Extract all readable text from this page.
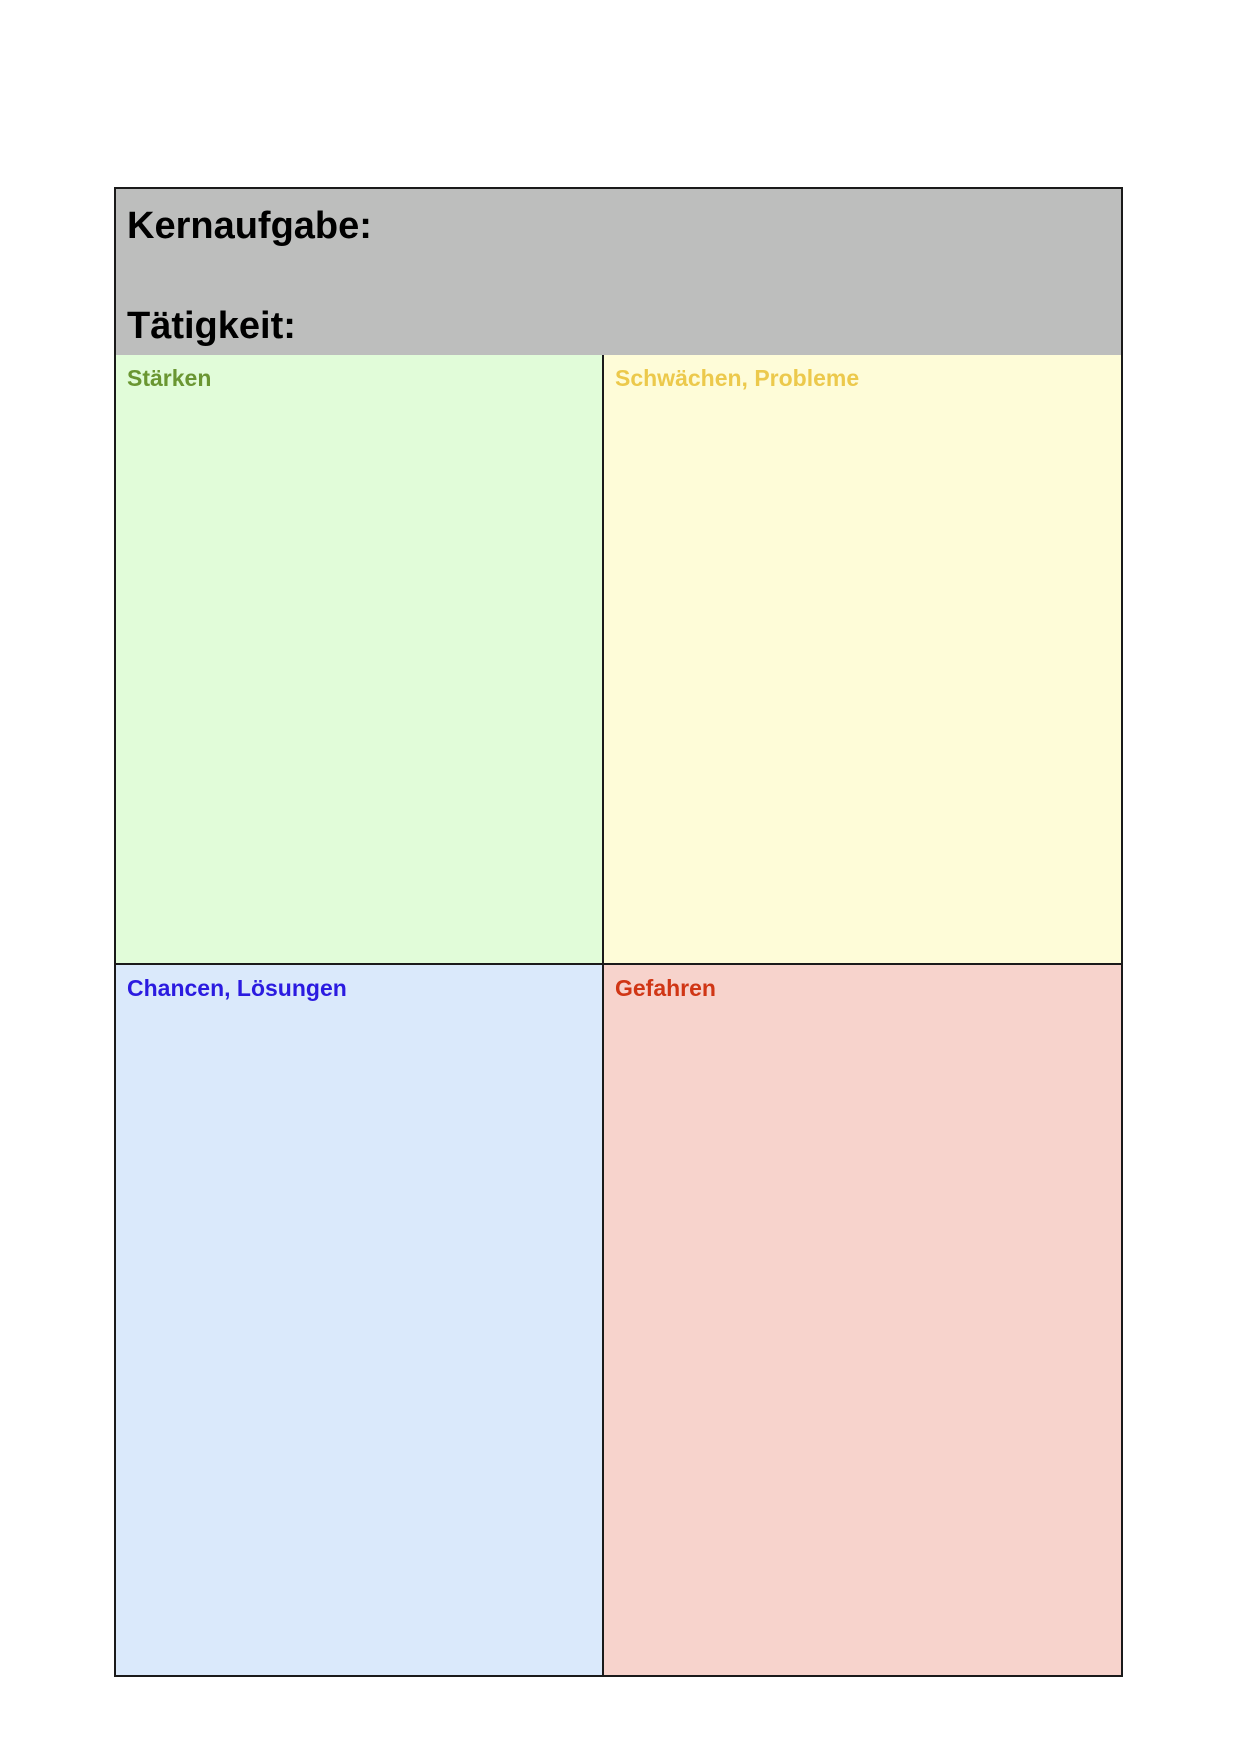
Kernaufgabe:
Tätigkeit:
Stärken	Schwächen, Probleme
Chancen, Lösungen	Gefahren
